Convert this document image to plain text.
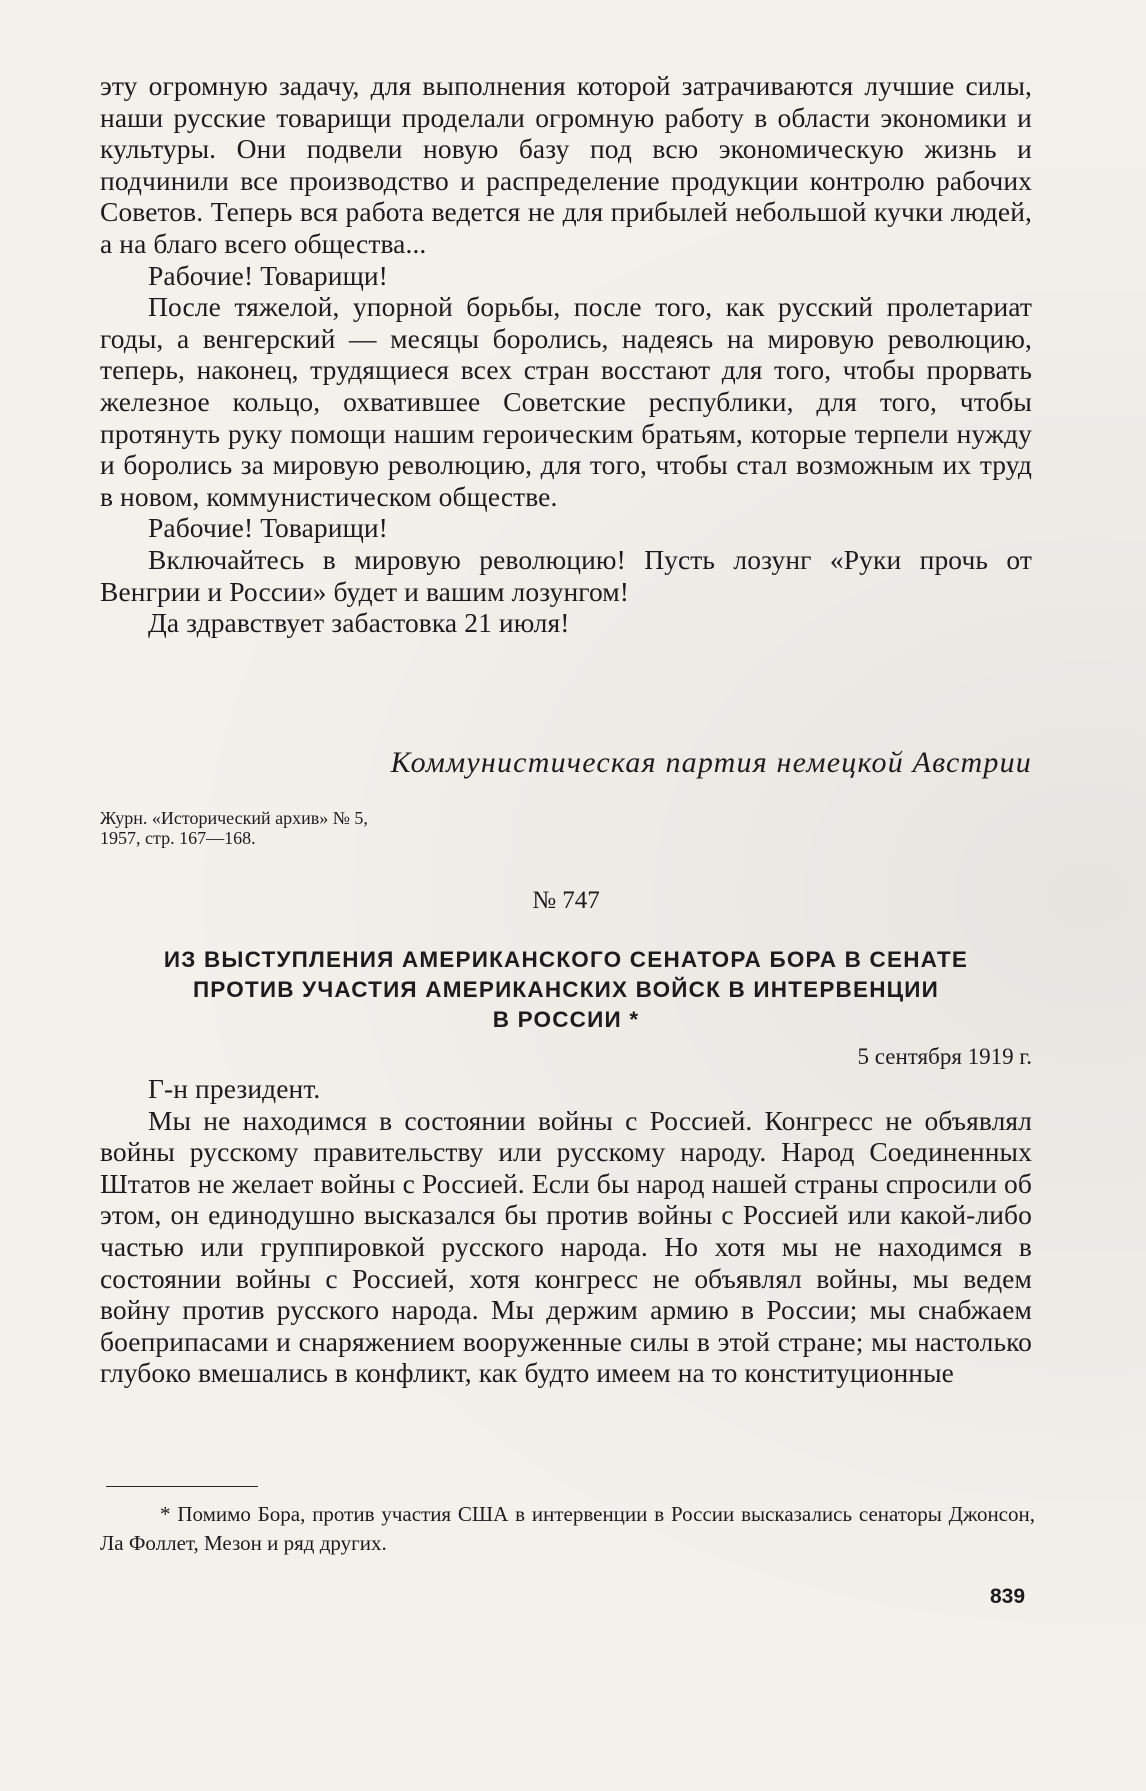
эту огромную задачу, для выполнения которой затрачиваются лучшие силы, наши русские товарищи проделали огромную работу в области экономики и культуры. Они подвели новую базу под всю экономическую жизнь и подчинили все производство и распределение продукции контролю рабочих Советов. Теперь вся работа ведется не для прибылей небольшой кучки людей, а на благо всего общества...

Рабочие! Товарищи!

После тяжелой, упорной борьбы, после того, как русский пролетариат годы, а венгерский — месяцы боролись, надеясь на мировую революцию, теперь, наконец, трудящиеся всех стран восстают для того, чтобы прорвать железное кольцо, охватившее Советские республики, для того, чтобы протянуть руку помощи нашим героическим братьям, которые терпели нужду и боролись за мировую революцию, для того, чтобы стал возможным их труд в новом, коммунистическом обществе.

Рабочие! Товарищи!

Включайтесь в мировую революцию! Пусть лозунг «Руки прочь от Венгрии и России» будет и вашим лозунгом!

Да здравствует забастовка 21 июля!

Коммунистическая партия немецкой Австрии
Журн. «Исторический архив» № 5,
1957, стр. 167—168.
№ 747
ИЗ ВЫСТУПЛЕНИЯ АМЕРИКАНСКОГО СЕНАТОРА БОРА В СЕНАТЕ
ПРОТИВ УЧАСТИЯ АМЕРИКАНСКИХ ВОЙСК В ИНТЕРВЕНЦИИ
В РОССИИ *
5 сентября 1919 г.

Г-н президент.

Мы не находимся в состоянии войны с Россией. Конгресс не объявлял войны русскому правительству или русскому народу. Народ Соединенных Штатов не желает войны с Россией. Если бы народ нашей страны спросили об этом, он единодушно высказался бы против войны с Россией или какой-либо частью или группировкой русского народа. Но хотя мы не находимся в состоянии войны с Россией, хотя конгресс не объявлял войны, мы ведем войну против русского народа. Мы держим армию в России; мы снабжаем боеприпасами и снаряжением вооруженные силы в этой стране; мы настолько глубоко вмешались в конфликт, как будто имеем на то конституционные

* Помимо Бора, против участия США в интервенции в России высказались сенаторы Джонсон, Ла Фоллет, Мезон и ряд других.
839
